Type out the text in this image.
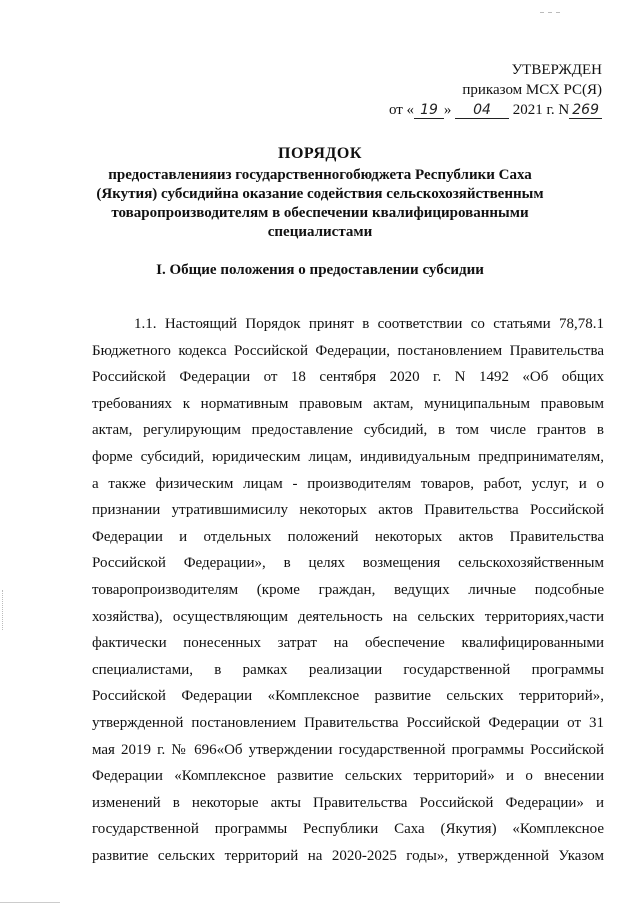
УТВЕРЖДЕН
приказом МСХ РС(Я)
от « 19 » 04 2021 г. N 269
ПОРЯДОК
предоставленияиз государственногобюджета Республики Саха (Якутия) субсидийна оказание содействия сельскохозяйственным товаропроизводителям в обеспечении квалифицированными специалистами
I. Общие положения о предоставлении субсидии
1.1. Настоящий Порядок принят в соответствии со статьями 78,78.1
Бюджетного кодекса Российской Федерации, постановлением Правительства
Российской Федерации от 18 сентября 2020 г. N 1492 «Об общих
требованиях к нормативным правовым актам, муниципальным правовым
актам, регулирующим предоставление субсидий, в том числе грантов в
форме субсидий, юридическим лицам, индивидуальным предпринимателям,
а также физическим лицам - производителям товаров, работ, услуг, и о
признании утратившимисилу некоторых актов Правительства Российской
Федерации и отдельных положений некоторых актов Правительства
Российской Федерации», в целях возмещения сельскохозяйственным
товаропроизводителям (кроме граждан, ведущих личные подсобные
хозяйства), осуществляющим деятельность на сельских территориях,части
фактически понесенных затрат на обеспечение квалифицированными
специалистами, в рамках реализации государственной программы
Российской Федерации «Комплексное развитие сельских территорий»,
утвержденной постановлением Правительства Российской Федерации от 31
мая 2019 г. № 696«Об утверждении государственной программы Российской
Федерации «Комплексное развитие сельских территорий» и о внесении
изменений в некоторые акты Правительства Российской Федерации» и
государственной программы Республики Саха (Якутия) «Комплексное
развитие сельских территорий на 2020-2025 годы», утвержденной Указом
